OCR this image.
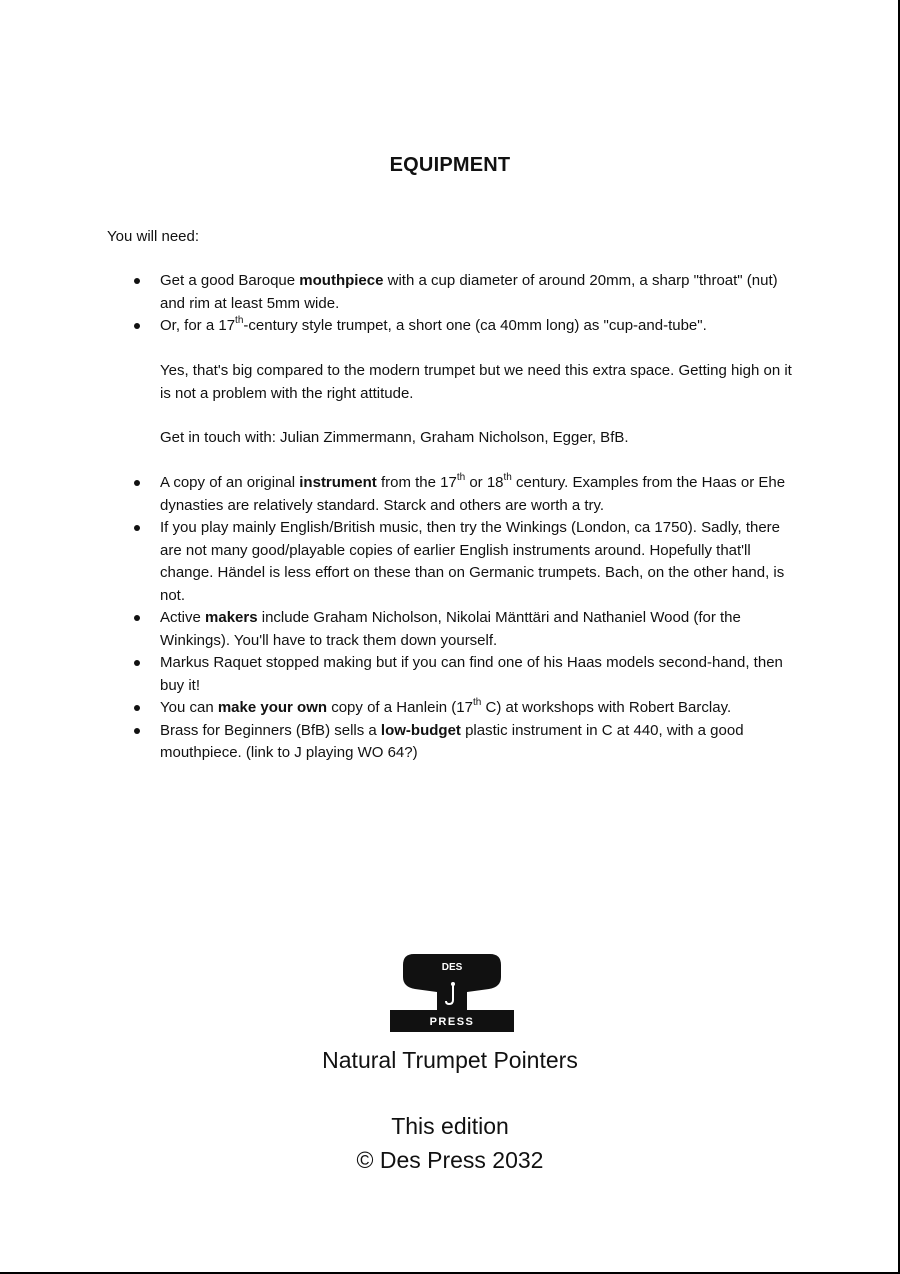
EQUIPMENT
You will need:
Get a good Baroque mouthpiece with a cup diameter of around 20mm, a sharp "throat" (nut) and rim at least 5mm wide.
Or, for a 17th-century style trumpet, a short one (ca 40mm long) as "cup-and-tube".

Yes, that's big compared to the modern trumpet but we need this extra space. Getting high on it is not a problem with the right attitude.

Get in touch with: Julian Zimmermann, Graham Nicholson, Egger, BfB.

A copy of an original instrument from the 17th or 18th century. Examples from the Haas or Ehe dynasties are relatively standard. Starck and others are worth a try.
If you play mainly English/British music, then try the Winkings (London, ca 1750). Sadly, there are not many good/playable copies of earlier English instruments around. Hopefully that'll change. Händel is less effort on these than on Germanic trumpets. Bach, on the other hand, is not.
Active makers include Graham Nicholson, Nikolai Mänttäri and Nathaniel Wood (for the Winkings). You'll have to track them down yourself.
Markus Raquet stopped making but if you can find one of his Haas models second-hand, then buy it!
You can make your own copy of a Hanlein (17th C) at workshops with Robert Barclay.
Brass for Beginners (BfB) sells a low-budget plastic instrument in C at 440, with a good mouthpiece. (link to J playing WO 64?)
DES
PRESS
Natural Trumpet Pointers
This edition
© Des Press 2032
